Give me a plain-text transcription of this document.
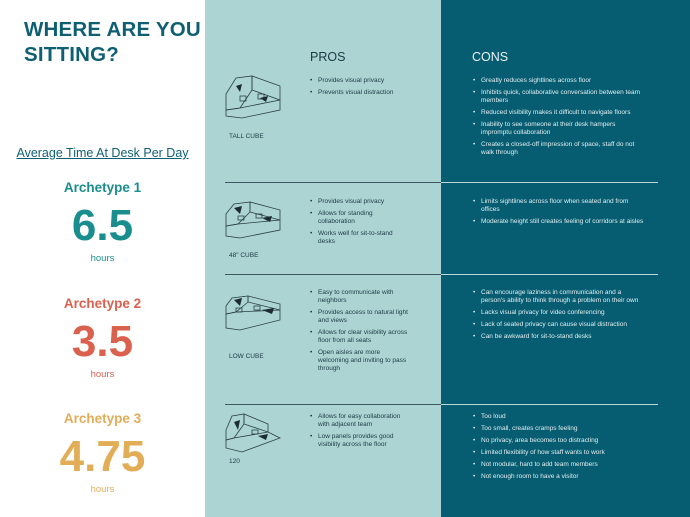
WHERE ARE YOU SITTING?
Average Time At Desk Per Day
Archetype 1
6.5
hours
Archetype 2
3.5
hours
Archetype 3
4.75
hours
PROS	CONS
TALL CUBE
• Provides visual privacy
• Prevents visual distraction
• Greatly reduces sightlines across floor
• Inhibits quick, collaborative conversation between team members
• Reduced visibility makes it difficult to navigate floors
• Inability to see someone at their desk hampers impromptu collaboration
• Creates a closed-off impression of space, staff do not walk through
48" CUBE
• Provides visual privacy
• Allows for standing collaboration
• Works well for sit-to-stand desks
• Limits sightlines across floor when seated and from offices
• Moderate height still creates feeling of corridors at aisles
LOW CUBE
• Easy to communicate with neighbors
• Provides access to natural light and views
• Allows for clear visibility across floor from all seats
• Open aisles are more welcoming and inviting to pass through
• Can encourage laziness in communication and a person's ability to think through a problem on their own
• Lacks visual privacy for video conferencing
• Lack of seated privacy can cause visual distraction
• Can be awkward for sit-to-stand desks
120
• Allows for easy collaboration with adjacent team
• Low panels provides good visibility across the floor
• Too loud
• Too small, creates cramps feeling
• No privacy, area becomes too distracting
• Limited flexibility of how staff wants to work
• Not modular, hard to add team members
• Not enough room to have a visitor
